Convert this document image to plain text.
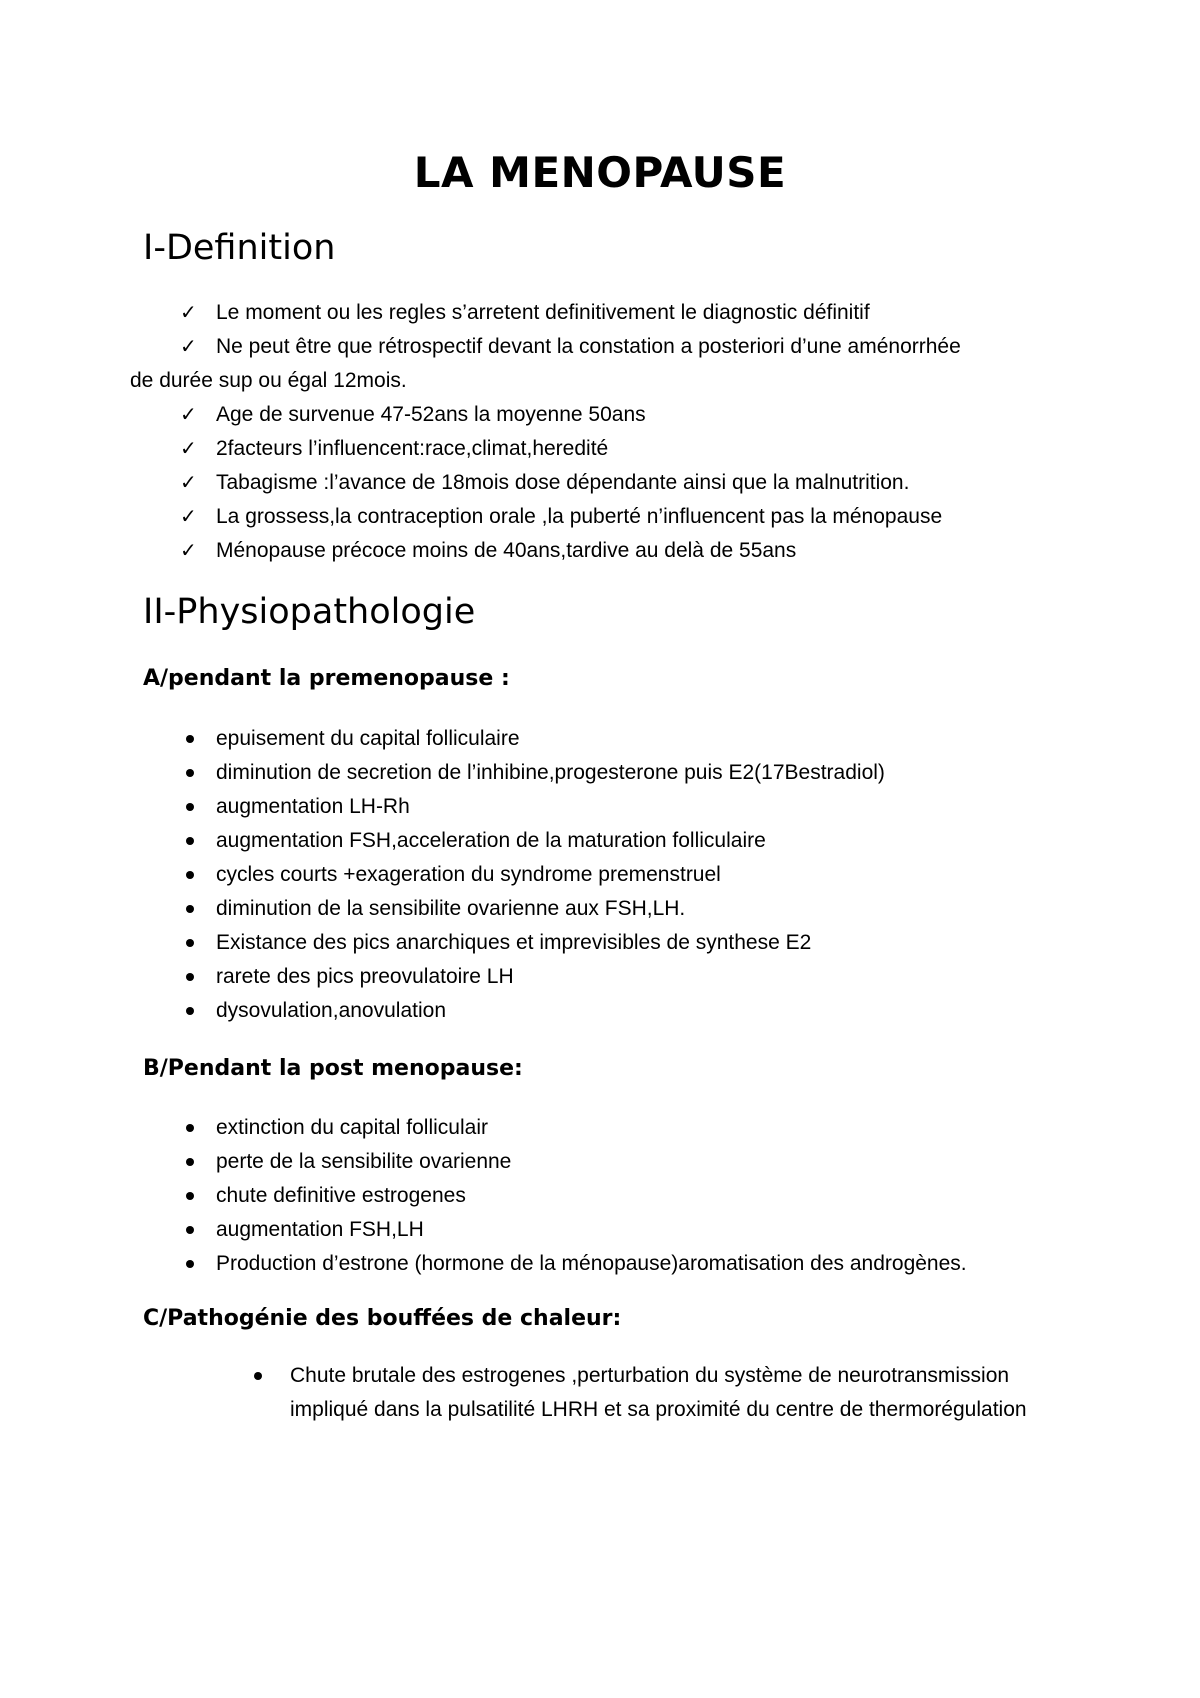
LA MENOPAUSE
I-Definition
✓ Le moment ou les regles s’arretent definitivement le diagnostic définitif
✓ Ne peut être que rétrospectif devant la constation a posteriori d’une aménorrhée
de durée sup ou égal 12mois.
✓ Age de survenue 47-52ans la moyenne 50ans
✓ 2facteurs l’influencent:race,climat,heredité
✓ Tabagisme :l’avance de 18mois dose dépendante ainsi que la malnutrition.
✓ La grossess,la contraception orale ,la puberté n’influencent pas la ménopause
✓ Ménopause précoce moins de 40ans,tardive au delà de 55ans
II-Physiopathologie
A/pendant la premenopause :
epuisement du capital folliculaire
diminution de secretion de l’inhibine,progesterone puis E2(17Bestradiol)
augmentation LH-Rh
augmentation FSH,acceleration de la maturation folliculaire
cycles courts +exageration du syndrome premenstruel
diminution de la sensibilite ovarienne aux FSH,LH.
Existance des pics anarchiques et imprevisibles de synthese E2
rarete des pics preovulatoire LH
dysovulation,anovulation
B/Pendant la post menopause:
extinction du capital folliculair
perte de la sensibilite ovarienne
chute definitive estrogenes
augmentation FSH,LH
Production d’estrone (hormone de la ménopause)aromatisation des androgènes.
C/Pathogénie des bouffées de chaleur:
Chute brutale des estrogenes ,perturbation du système de neurotransmission impliqué dans la pulsatilité LHRH et sa proximité du centre de thermorégulation
